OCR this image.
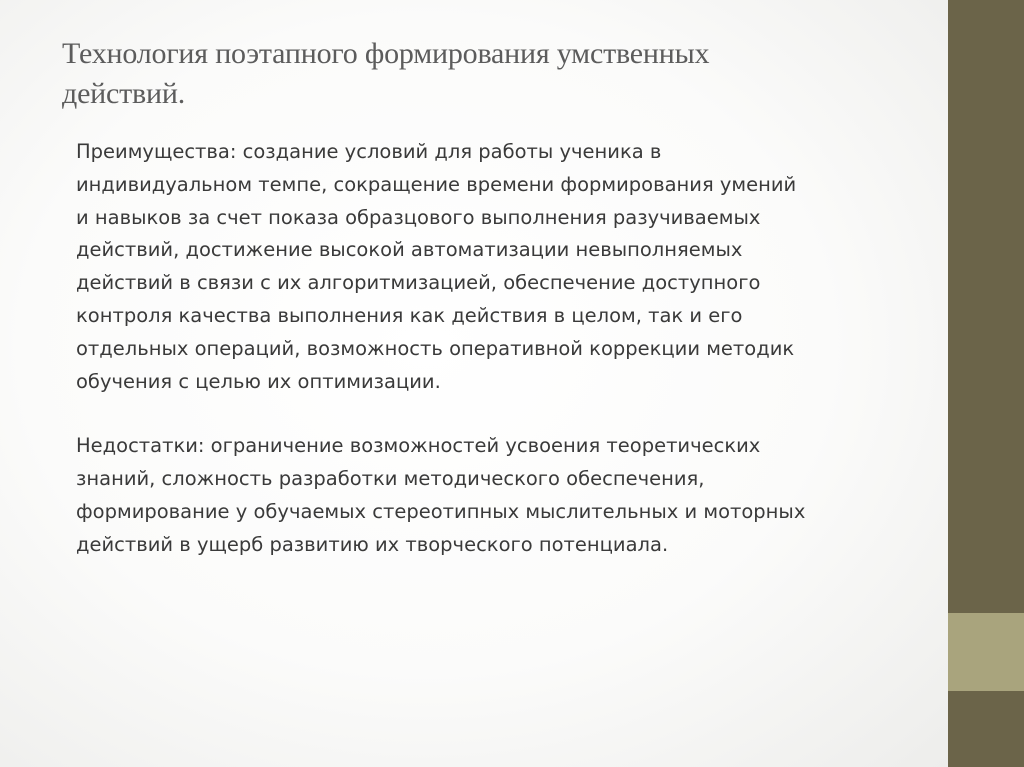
Технология поэтапного формирования умственных
действий.

Преимущества: создание условий для работы ученика в
индивидуальном темпе, сокращение времени формирования умений
и навыков за счет показа образцового выполнения разучиваемых
действий, достижение высокой автоматизации невыполняемых
действий в связи с их алгоритмизацией, обеспечение доступного
контроля качества выполнения как действия в целом, так и его
отдельных операций, возможность оперативной коррекции методик
обучения с целью их оптимизации.

Недостатки: ограничение возможностей усвоения теоретических
знаний, сложность разработки методического обеспечения,
формирование у обучаемых стереотипных мыслительных и моторных
действий в ущерб развитию их творческого потенциала.
